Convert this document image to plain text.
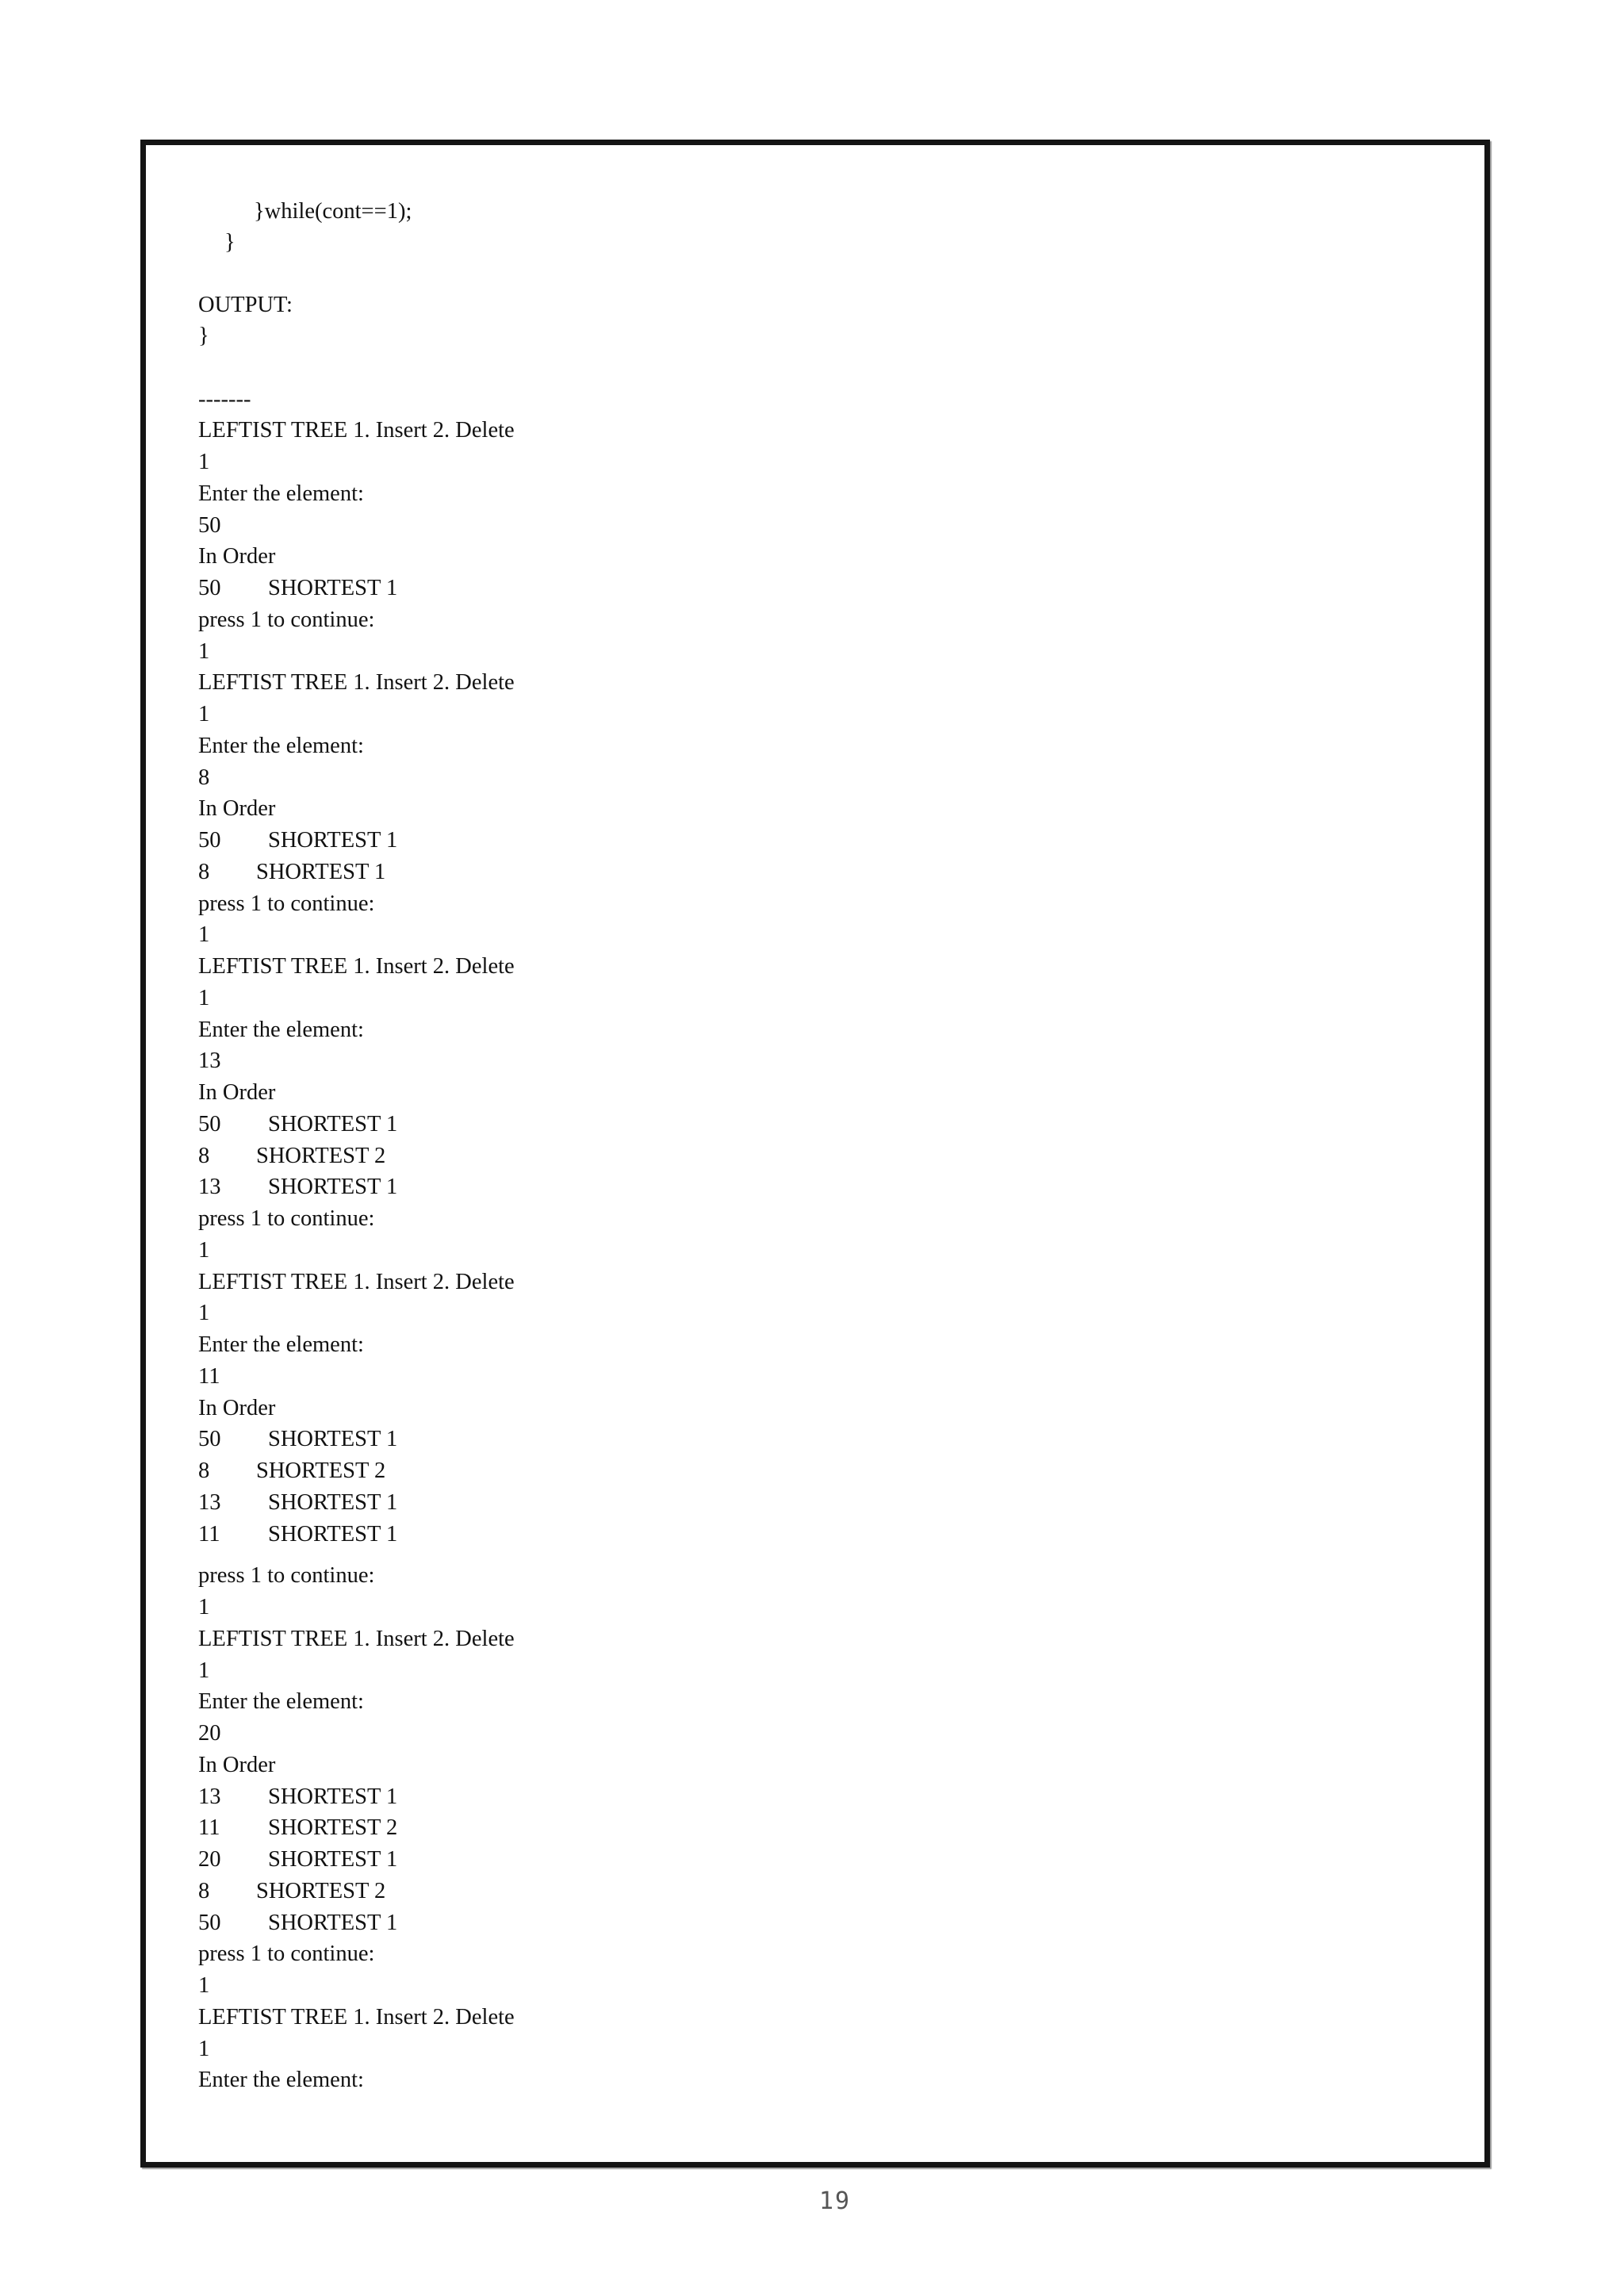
}while(cont==1);
}
OUTPUT:
}
-------
LEFTIST TREE 1. Insert 2. Delete
1
Enter the element:
50
In Order
50 SHORTEST 1
press 1 to continue:
1
LEFTIST TREE 1. Insert 2. Delete
1
Enter the element:
8
In Order
50 SHORTEST 1
8 SHORTEST 1
press 1 to continue:
1
LEFTIST TREE 1. Insert 2. Delete
1
Enter the element:
13
In Order
50 SHORTEST 1
8 SHORTEST 2
13 SHORTEST 1
press 1 to continue:
1
LEFTIST TREE 1. Insert 2. Delete
1
Enter the element:
11
In Order
50 SHORTEST 1
8 SHORTEST 2
13 SHORTEST 1
11 SHORTEST 1
press 1 to continue:
1
LEFTIST TREE 1. Insert 2. Delete
1
Enter the element:
20
In Order
13 SHORTEST 1
11 SHORTEST 2
20 SHORTEST 1
8 SHORTEST 2
50 SHORTEST 1
press 1 to continue:
1
LEFTIST TREE 1. Insert 2. Delete
1
Enter the element:
19
